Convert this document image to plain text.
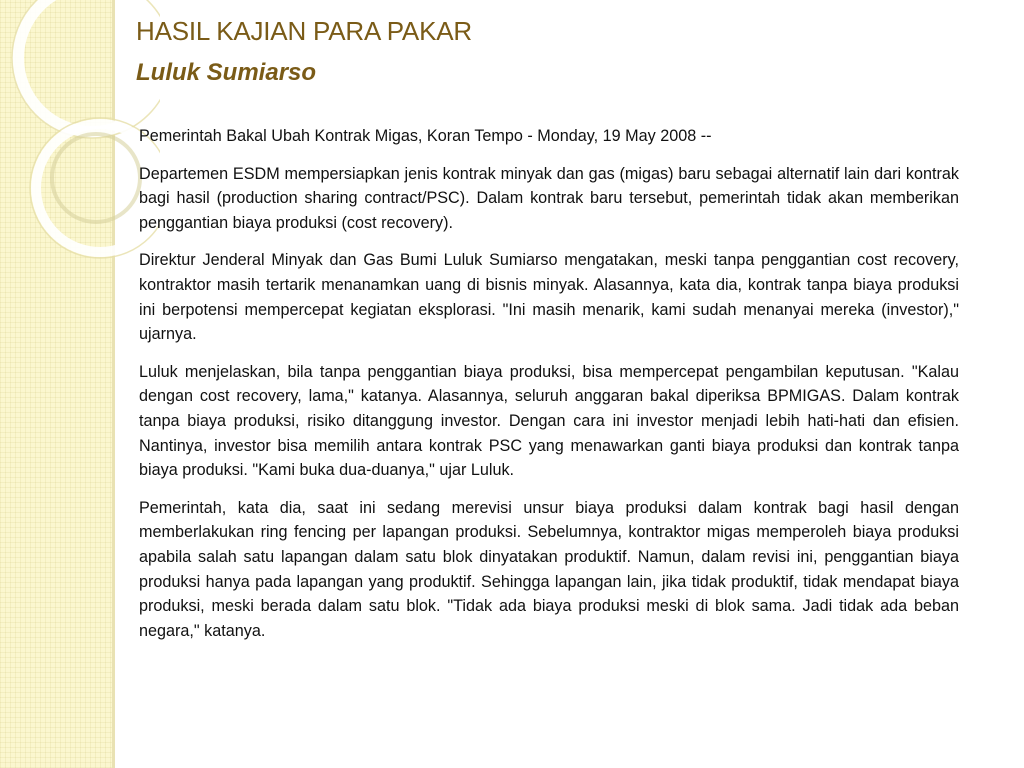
HASIL KAJIAN PARA PAKAR
Luluk Sumiarso

Pemerintah Bakal Ubah Kontrak Migas, Koran Tempo - Monday, 19 May 2008 --

Departemen ESDM mempersiapkan jenis kontrak minyak dan gas (migas) baru sebagai alternatif lain dari kontrak bagi hasil (production sharing contract/PSC). Dalam kontrak baru tersebut, pemerintah tidak akan memberikan penggantian biaya produksi (cost recovery).

Direktur Jenderal Minyak dan Gas Bumi Luluk Sumiarso mengatakan, meski tanpa penggantian cost recovery, kontraktor masih tertarik menanamkan uang di bisnis minyak. Alasannya, kata dia, kontrak tanpa biaya produksi ini berpotensi mempercepat kegiatan eksplorasi. "Ini masih menarik, kami sudah menanyai mereka (investor)," ujarnya.

Luluk menjelaskan, bila tanpa penggantian biaya produksi, bisa mempercepat pengambilan keputusan. "Kalau dengan cost recovery, lama," katanya. Alasannya, seluruh anggaran bakal diperiksa BPMIGAS. Dalam kontrak tanpa biaya produksi, risiko ditanggung investor. Dengan cara ini investor menjadi lebih hati-hati dan efisien. Nantinya, investor bisa memilih antara kontrak PSC yang menawarkan ganti biaya produksi dan kontrak tanpa biaya produksi. "Kami buka dua-duanya," ujar Luluk.

Pemerintah, kata dia, saat ini sedang merevisi unsur biaya produksi dalam kontrak bagi hasil dengan memberlakukan ring fencing per lapangan produksi. Sebelumnya, kontraktor migas memperoleh biaya produksi apabila salah satu lapangan dalam satu blok dinyatakan produktif. Namun, dalam revisi ini, penggantian biaya produksi hanya pada lapangan yang produktif. Sehingga lapangan lain, jika tidak produktif, tidak mendapat biaya produksi, meski berada dalam satu blok. "Tidak ada biaya produksi meski di blok sama. Jadi tidak ada beban negara," katanya.
